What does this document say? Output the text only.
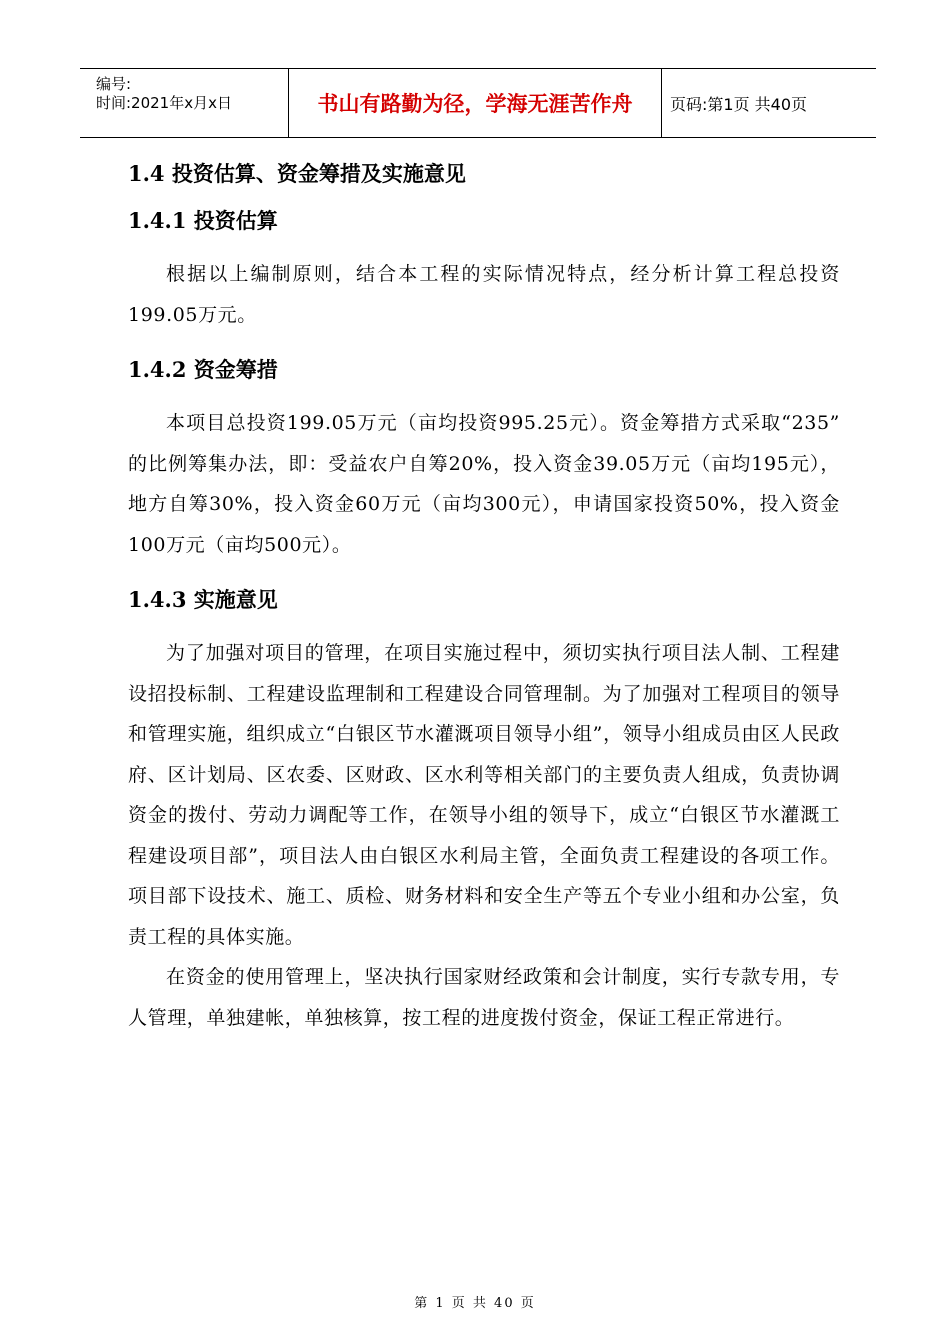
编号:
时间:2021年x月x日	书山有路勤为径，学海无涯苦作舟	页码:第1页 共40页
1.4 投资估算、资金筹措及实施意见
1.4.1 投资估算

根据以上编制原则，结合本工程的实际情况特点，经分析计算工程总投资199.05万元。

1.4.2 资金筹措

本项目总投资199.05万元（亩均投资995.25元）。资金筹措方式采取“235” 的比例筹集办法，即：受益农户自筹20%，投入资金39.05万元（亩均195元），地方自筹30%，投入资金60万元（亩均300元），申请国家投资50%，投入资金100万元（亩均500元）。

1.4.3 实施意见

为了加强对项目的管理，在项目实施过程中，须切实执行项目法人制、工程建设招投标制、工程建设监理制和工程建设合同管理制。为了加强对工程项目的领导和管理实施，组织成立“白银区节水灌溉项目领导小组”，领导小组成员由区人民政府、区计划局、区农委、区财政、区水利等相关部门的主要负责人组成，负责协调资金的拨付、劳动力调配等工作，在领导小组的领导下，成立“白银区节水灌溉工程建设项目部”，项目法人由白银区水利局主管，全面负责工程建设的各项工作。项目部下设技术、施工、质检、财务材料和安全生产等五个专业小组和办公室，负责工程的具体实施。

在资金的使用管理上，坚决执行国家财经政策和会计制度，实行专款专用，专人管理，单独建帐，单独核算，按工程的进度拨付资金，保证工程正常进行。

第 1 页 共 40 页
